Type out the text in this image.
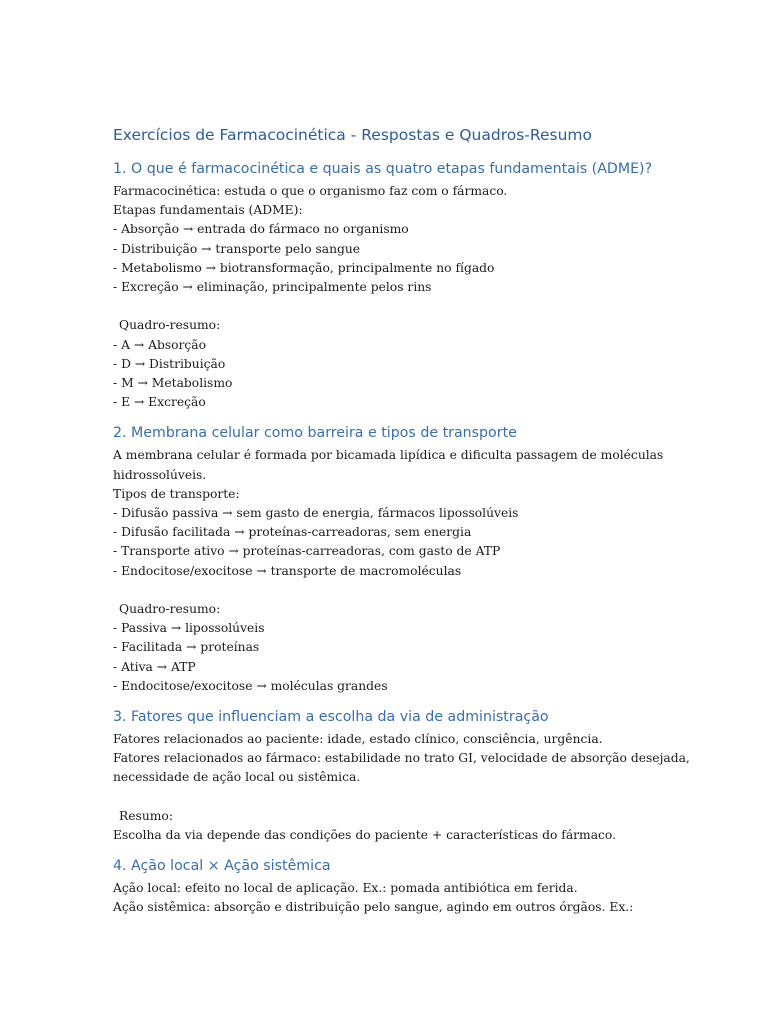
Exercícios de Farmacocinética - Respostas e Quadros-Resumo
1. O que é farmacocinética e quais as quatro etapas fundamentais (ADME)?

Farmacocinética: estuda o que o organismo faz com o fármaco.

Etapas fundamentais (ADME):

- Absorção → entrada do fármaco no organismo

- Distribuição → transporte pelo sangue

- Metabolismo → biotransformação, principalmente no fígado

- Excreção → eliminação, principalmente pelos rins

Quadro-resumo:

- A → Absorção

- D → Distribuição

- M → Metabolismo

- E → Excreção

2. Membrana celular como barreira e tipos de transporte

A membrana celular é formada por bicamada lipídica e dificulta passagem de moléculas

hidrossolúveis.

Tipos de transporte:

- Difusão passiva → sem gasto de energia, fármacos lipossolúveis

- Difusão facilitada → proteínas-carreadoras, sem energia

- Transporte ativo → proteínas-carreadoras, com gasto de ATP

- Endocitose/exocitose → transporte de macromoléculas

Quadro-resumo:

- Passiva → lipossolúveis

- Facilitada → proteínas

- Ativa → ATP

- Endocitose/exocitose → moléculas grandes

3. Fatores que influenciam a escolha da via de administração

Fatores relacionados ao paciente: idade, estado clínico, consciência, urgência.

Fatores relacionados ao fármaco: estabilidade no trato GI, velocidade de absorção desejada,

necessidade de ação local ou sistêmica.

Resumo:

Escolha da via depende das condições do paciente + características do fármaco.

4. Ação local × Ação sistêmica

Ação local: efeito no local de aplicação. Ex.: pomada antibiótica em ferida.

Ação sistêmica: absorção e distribuição pelo sangue, agindo em outros órgãos. Ex.:
